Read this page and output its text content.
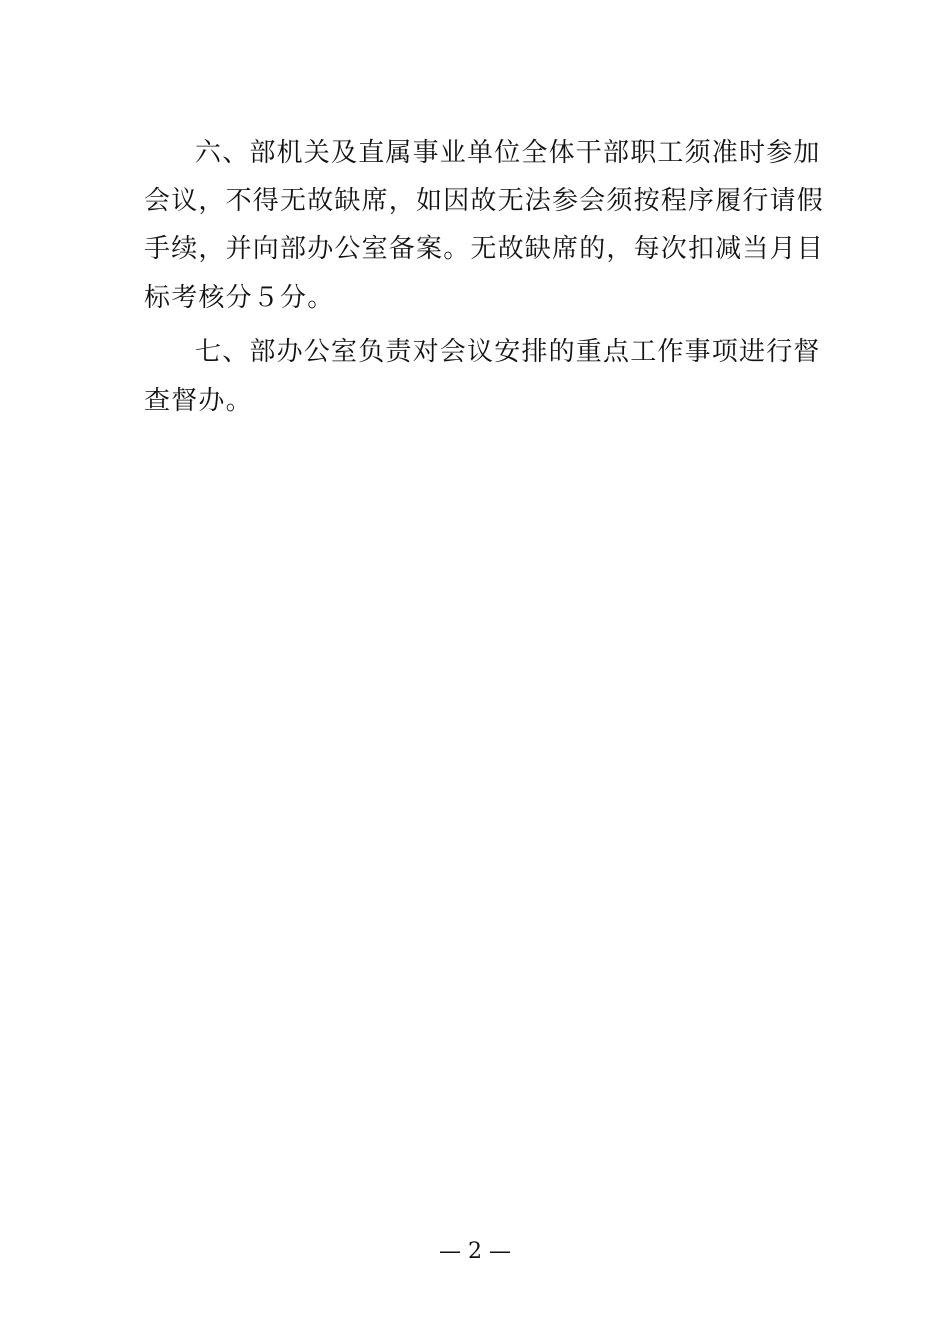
六、部机关及直属事业单位全体干部职工须准时参加
会议，不得无故缺席，如因故无法参会须按程序履行请假
手续，并向部办公室备案。无故缺席的，每次扣减当月目
标考核分５分。
七、部办公室负责对会议安排的重点工作事项进行督
查督办。
— 2 —
